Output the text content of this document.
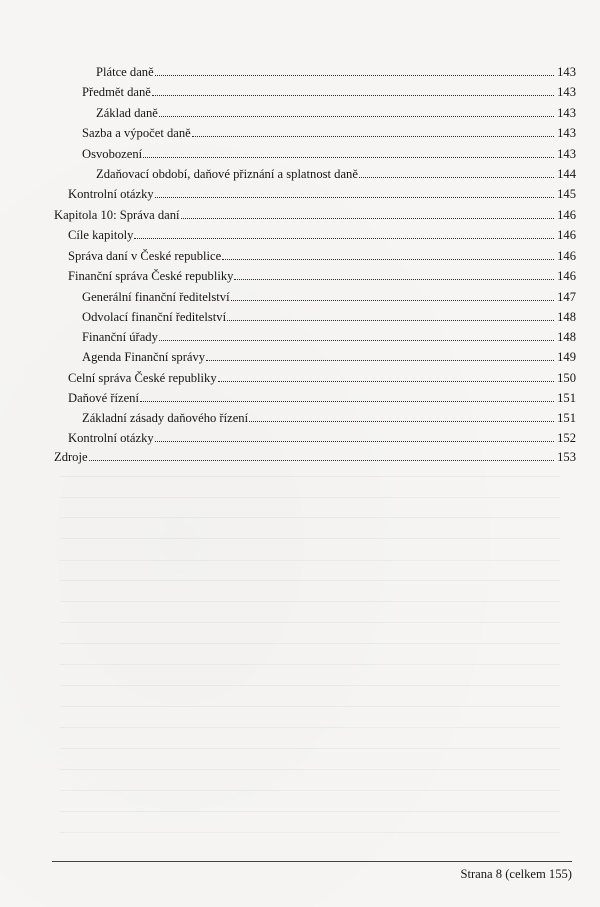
Plátce daně	143
Předmět daně	143
Základ daně	143
Sazba a výpočet daně	143
Osvobození	143
Zdaňovací období, daňové přiznání a splatnost daně	144
Kontrolní otázky	145
Kapitola 10: Správa daní	146
Cíle kapitoly	146
Správa daní v České republice	146
Finanční správa České republiky	146
Generální finanční ředitelství	147
Odvolací finanční ředitelství	148
Finanční úřady	148
Agenda Finanční správy	149
Celní správa České republiky	150
Daňové řízení	151
Základní zásady daňového řízení	151
Kontrolní otázky	152
Zdroje	153
Strana 8 (celkem 155)
